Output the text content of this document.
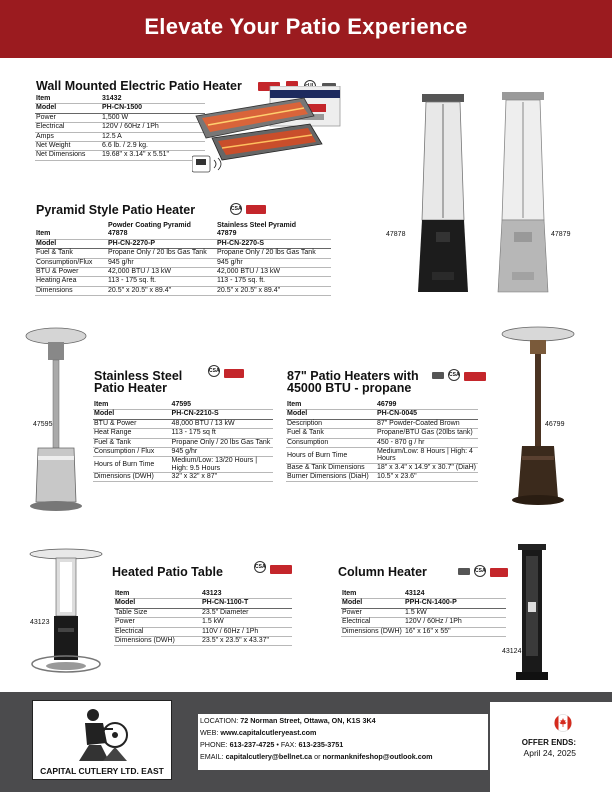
Elevate Your Patio Experience
Wall Mounted Electric Patio Heater
Item	31432
Model	PH-CN-1500
Power	1,500 W
Electrical	120V / 60Hz / 1Ph
Amps	12.5 A
Net Weight	6.6 lb. / 2.9 kg.
Net Dimensions	19.68" x 3.14" x 5.51"
Pyramid Style Patio Heater	CSA
	Powder Coating Pyramid	Stainless Steel Pyramid
Item	47878	47879
Model	PH-CN-2270-P	PH-CN-2270-S
Fuel & Tank	Propane Only / 20 lbs Gas Tank	Propane Only / 20 lbs Gas Tank
Consumption/Flux	945 g/hr	945 g/hr
BTU & Power	42,000 BTU / 13 kW	42,000 BTU / 13 kW
Heating Area	113 - 175 sq. ft.	113 - 175 sq. ft.
Dimensions	20.5" x 20.5" x 89.4"	20.5" x 20.5" x 89.4"
47878	47879
47595
Stainless Steel
Patio Heater
CSA
Item	47595
Model	PH-CN-2210-S
BTU & Power	48,000 BTU / 13 kW
Heat Range	113 - 175 sq ft
Fuel & Tank	Propane Only / 20 lbs Gas Tank
Consumption / Flux	945 g/hr
Hours of Burn Time	Medium/Low: 13/20 Hours | High: 9.5 Hours
Dimensions (DWH)	32" x 32" x 87"
87" Patio Heaters with
45000 BTU - propane
CSA
Item	46799
Model	PH-CN-0045
Description	87" Powder-Coated Brown
Fuel & Tank	Propane/BTU Gas (20lbs tank)
Consumption	450 - 870 g / hr
Hours of Burn Time	Medium/Low: 8 Hours | High: 4 Hours
Base & Tank Dimensions	18" x 3.4" x 14.9" x 30.7" (DiaH)
Burner Dimensions (DiaH)	10.5" x 23.6"
46799
43123
Heated Patio Table	CSA
Item	43123
Model	PH-CN-1100-T
Table Size	23.5" Diameter
Power	1.5 kW
Electrical	110V / 60Hz / 1Ph
Dimensions (DWH)	23.5" x 23.5" x 43.37"
Column Heater	CSA
Item	43124
Model	PPH-CN-1400-P
Power	1.5 kW
Electrical	120V / 60Hz / 1Ph
Dimensions (DWH)	16" x 16" x 55"
43124
CAPITAL CUTLERY LTD. EAST
LOCATION: 72 Norman Street, Ottawa, ON, K1S 3K4
WEB: www.capitalcutleryeast.com
PHONE: 613-237-4725 • FAX: 613-235-3751
EMAIL: capitalcutlery@bellnet.ca or normanknifeshop@outlook.com
OFFER ENDS:
April 24, 2025
